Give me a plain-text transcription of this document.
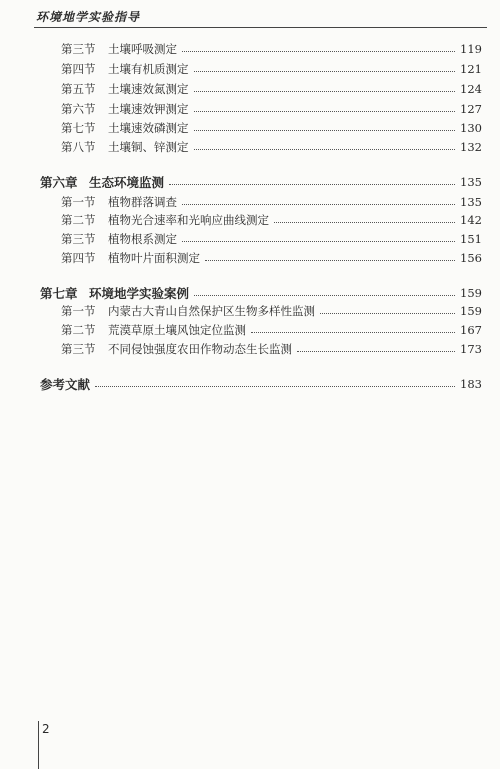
环境地学实验指导
第三节	土壤呼吸测定	119
第四节	土壤有机质测定	121
第五节	土壤速效氮测定	124
第六节	土壤速效钾测定	127
第七节	土壤速效磷测定	130
第八节	土壤铜、锌测定	132
第六章 生态环境监测	135
第一节	植物群落调查	135
第二节	植物光合速率和光响应曲线测定	142
第三节	植物根系测定	151
第四节	植物叶片面积测定	156
第七章 环境地学实验案例	159
第一节	内蒙古大青山自然保护区生物多样性监测	159
第二节	荒漠草原土壤风蚀定位监测	167
第三节	不同侵蚀强度农田作物动态生长监测	173
参考文献	183
2
